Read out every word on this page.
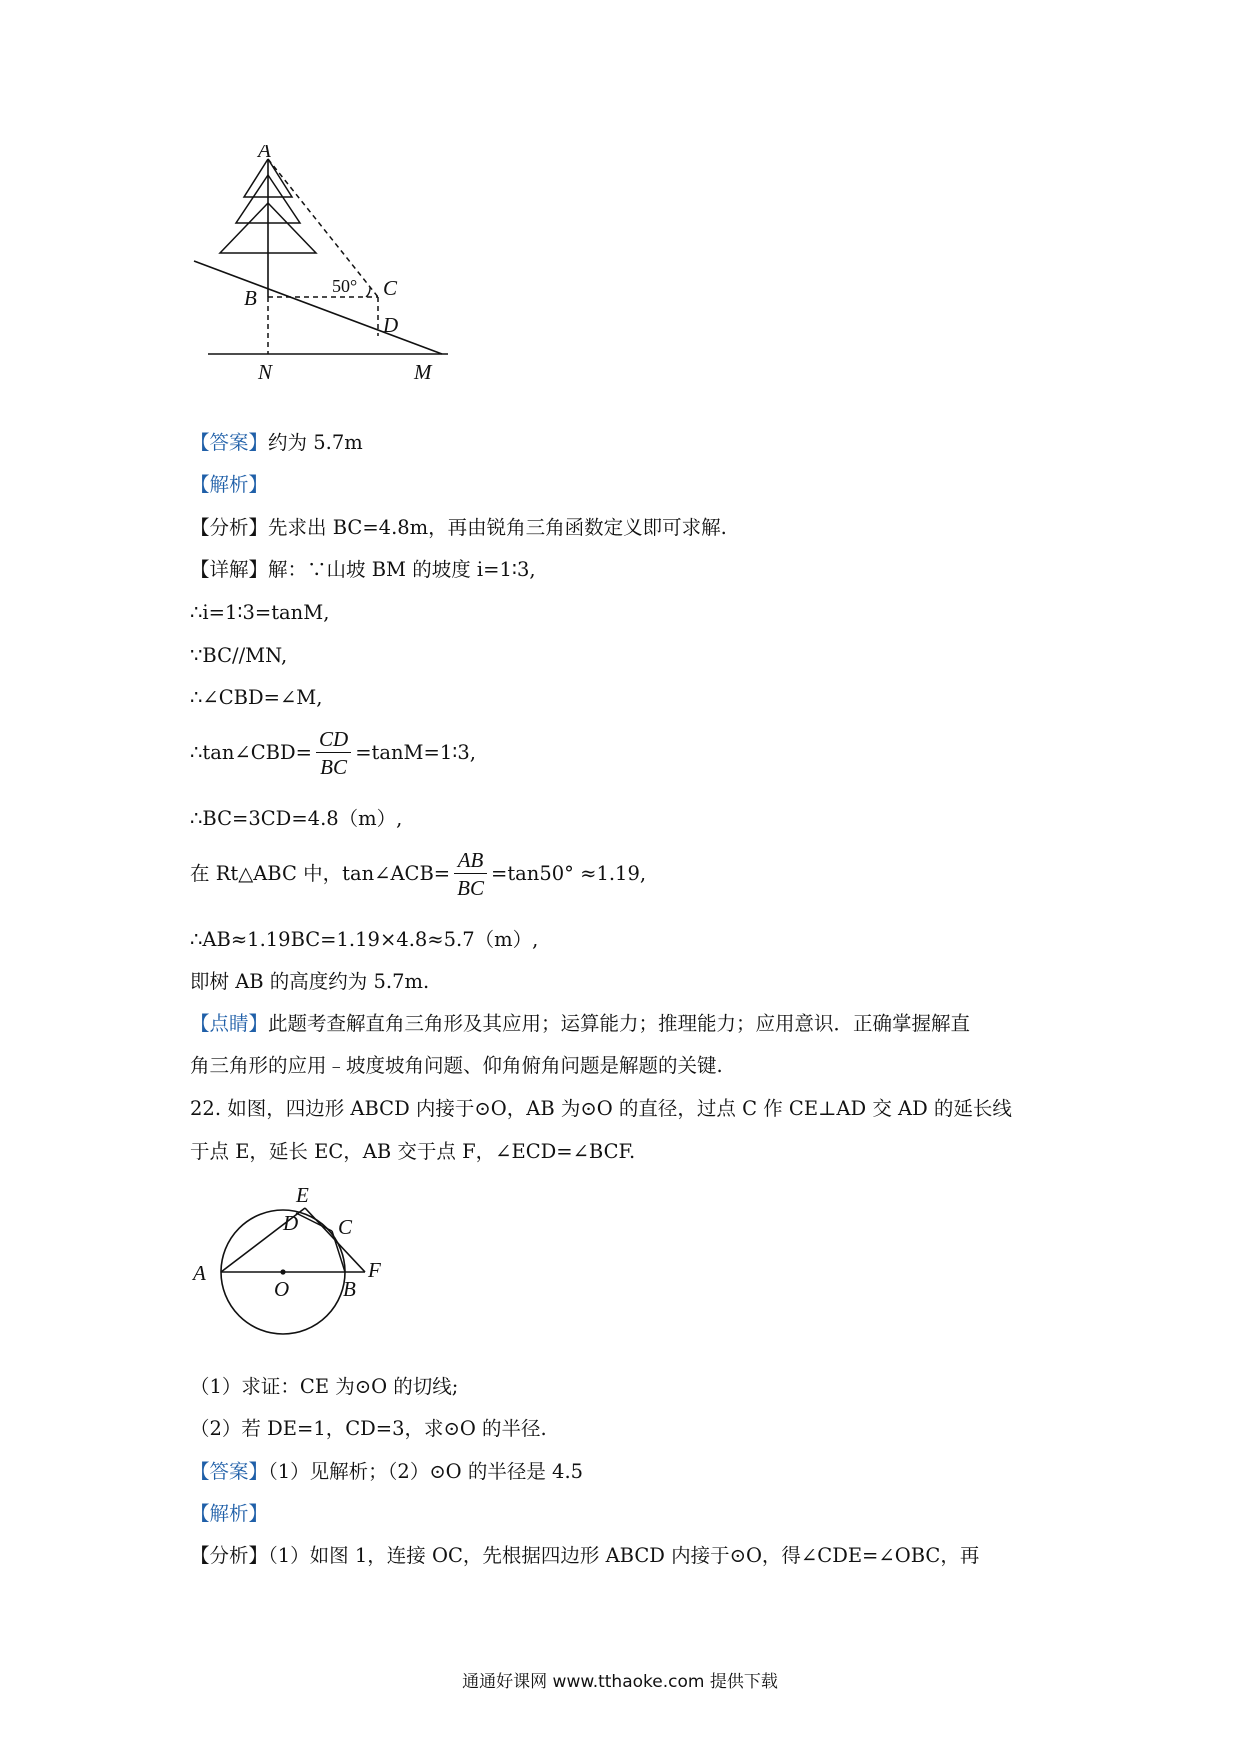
A
B	C
D
N	M
50°
【答案】约为 5.7m
【解析】
【分析】先求出 BC=4.8m，再由锐角三角函数定义即可求解.
【详解】解：∵山坡 BM 的坡度 i=1∶3,
∴i=1∶3=tanM,
∵BC//MN,
∴∠CBD=∠M,
∴tan∠CBD= $\frac{CD}{BC}$ =tanM=1∶3,
∴BC=3CD=4.8（m）,
在 Rt△ABC 中，tan∠ACB= $\frac{AB}{BC} =\tan 50^\circ \approx 1.19$,
∴AB≈1.19BC=1.19×4.8≈5.7（m）,
即树 AB 的高度约为 5.7m.
【点睛】此题考查解直角三角形及其应用；运算能力；推理能力；应用意识．正确掌握解直
角三角形的应用﹣坡度坡角问题、仰角俯角问题是解题的关键.
22. 如图，四边形 ABCD 内接于⊙O，AB 为⊙O 的直径，过点 C 作 CE⊥AD 交 AD 的延长线
于点 E，延长 EC，AB 交于点 F，∠ECD=∠BCF.
E
D C
A
O	B
F
（1）求证：CE 为⊙O 的切线;
（2）若 DE=1，CD=3，求⊙O 的半径.
【答案】（1）见解析；（2）⊙O 的半径是 4.5
【解析】
【分析】（1）如图 1，连接 OC，先根据四边形 ABCD 内接于⊙O，得∠CDE=∠OBC，再
通通好课网 www.tthaoke.com 提供下载
